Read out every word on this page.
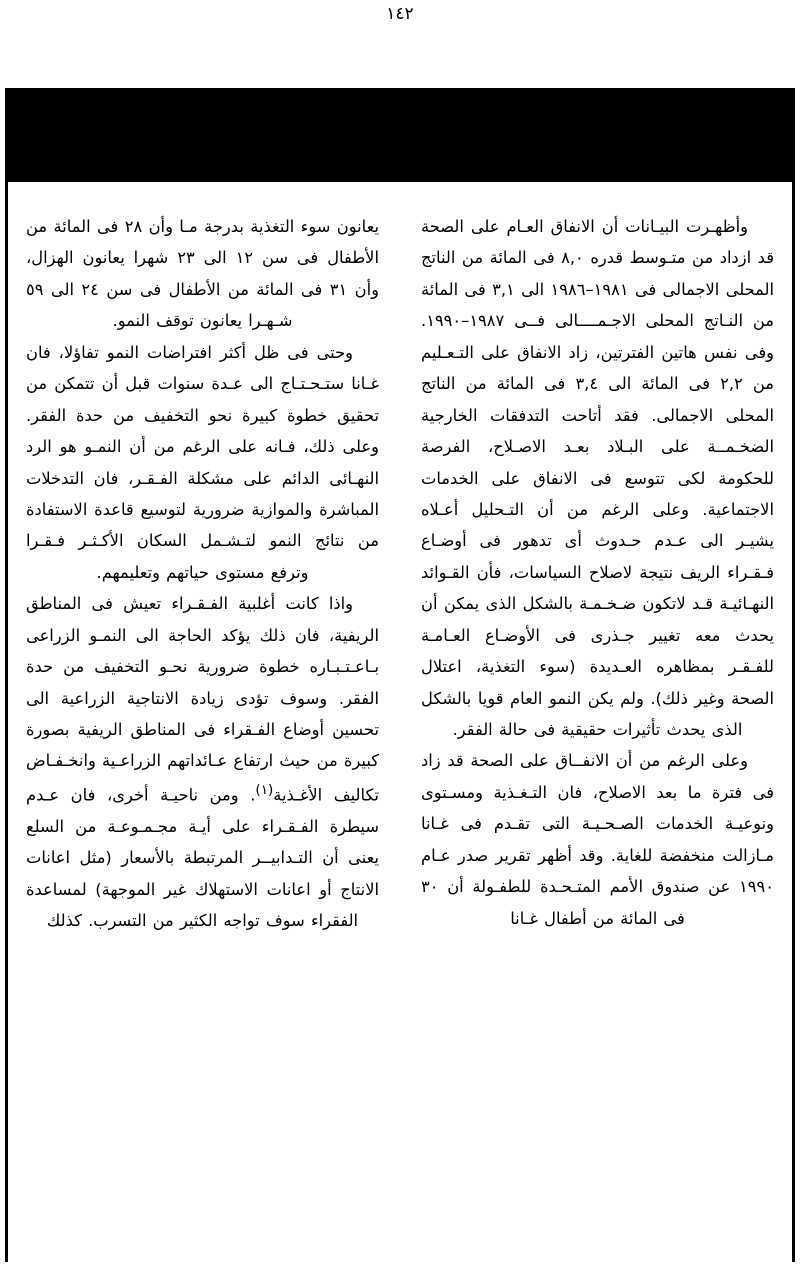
١٤٢

وأظهـرت البيـانات أن الانفاق العـام على الصحة قد ازداد من متـوسط قدره ٨,٠ فى المائة من الناتج المحلى الاجمالى فى ١٩٨١–١٩٨٦ الى ٣,١ فى المائة من النـاتج المحلى الاجـمــــالى فــى ١٩٨٧–١٩٩٠. وفى نفس هاتين الفترتين، زاد الانفاق على التـعـليم من ٢,٢ فى المائة الى ٣,٤ فى المائة من الناتج المحلى الاجمالى. فقد أتاحت التدفقات الخارجية الضخـمــة على البـلاد بعـد الاصـلاح، الفرصة للحكومة لكى تتوسع فى الانفاق على الخدمات الاجتماعية. وعلى الرغم من أن التـحليل أعـلاه يشيـر الى عـدم حـدوث أى تدهور فى أوضـاع فـقـراء الريف نتيجة لاصلاح السياسات، فأن القـوائد النهـائيـة قـد لاتكون ضـخـمـة بالشكل الذى يمكن أن يحدث معه تغيير جـذرى فى الأوضـاع العـامـة للفـقـر بمظاهره العـديدة (سوء التغذية، اعتلال الصحة وغير ذلك). ولم يكن النمو العام قويا بالشكل الذى يحدث تأثيرات حقيقية فى حالة الفقر.

وعلى الرغم من أن الانفــاق على الصحة قد زاد فى فترة ما بعد الاصلاح، فان التـغـذية ومسـتوى ونوعيـة الخدمات الصـحـيـة التى تقـدم فى غـانا مـازالت منخفضة للغاية. وقد أظهر تقرير صدر عـام ١٩٩٠ عن صندوق الأمم المتـحـدة للطفـولة أن ٣٠ فى المائة من أطفال غـانا

يعانون سوء التغذية بدرجة مـا وأن ٢٨ فى المائة من الأطفال فى سن ١٢ الى ٢٣ شهرا يعانون الهزال، وأن ٣١ فى المائة من الأطفال فى سن ٢٤ الى ٥٩ شـهـرا يعانون توقف النمو.

وحتى فى ظل أكثر افتراضات النمو تفاؤلا، فان غـانا ستـحـتـاج الى عـدة سنوات قبل أن تتمكن من تحقيق خطوة كبيرة نحو التخفيف من حدة الفقر. وعلى ذلك، فـانه على الرغم من أن النمـو هو الرد النهـائى الدائم على مشكلة الفـقـر، فان التدخلات المباشرة والموازية ضرورية لتوسيع قاعدة الاستفادة من نتائج النمو لتـشـمل السكان الأكـثـر فـقـرا وترفع مستوى حياتهم وتعليمهم.

واذا كانت أغلبية الفـقـراء تعيش فى المناطق الريفية، فان ذلك يؤكد الحاجة الى النمـو الزراعى بـاعـتـبـاره خطوة ضرورية نحـو التخفيف من حدة الفقر. وسوف تؤدى زيادة الانتاجية الزراعية الى تحسين أوضاع الفـقراء فى المناطق الريفية بصورة كبيرة من حيث ارتفاع عـائداتهم الزراعـية وانخـفـاض تكاليف الأغـذية$^{(١)}$. ومن ناحيـة أخرى، فان عـدم سيطرة الفـقـراء على أيـة مجـمـوعـة من السلع يعنى أن التـدابيــر المرتبطة بالأسعار (مثل اعانات الانتاج أو اعانات الاستهلاك غير الموجهة) لمساعدة الفقراء سوف تواجه الكثير من التسرب. كذلك
